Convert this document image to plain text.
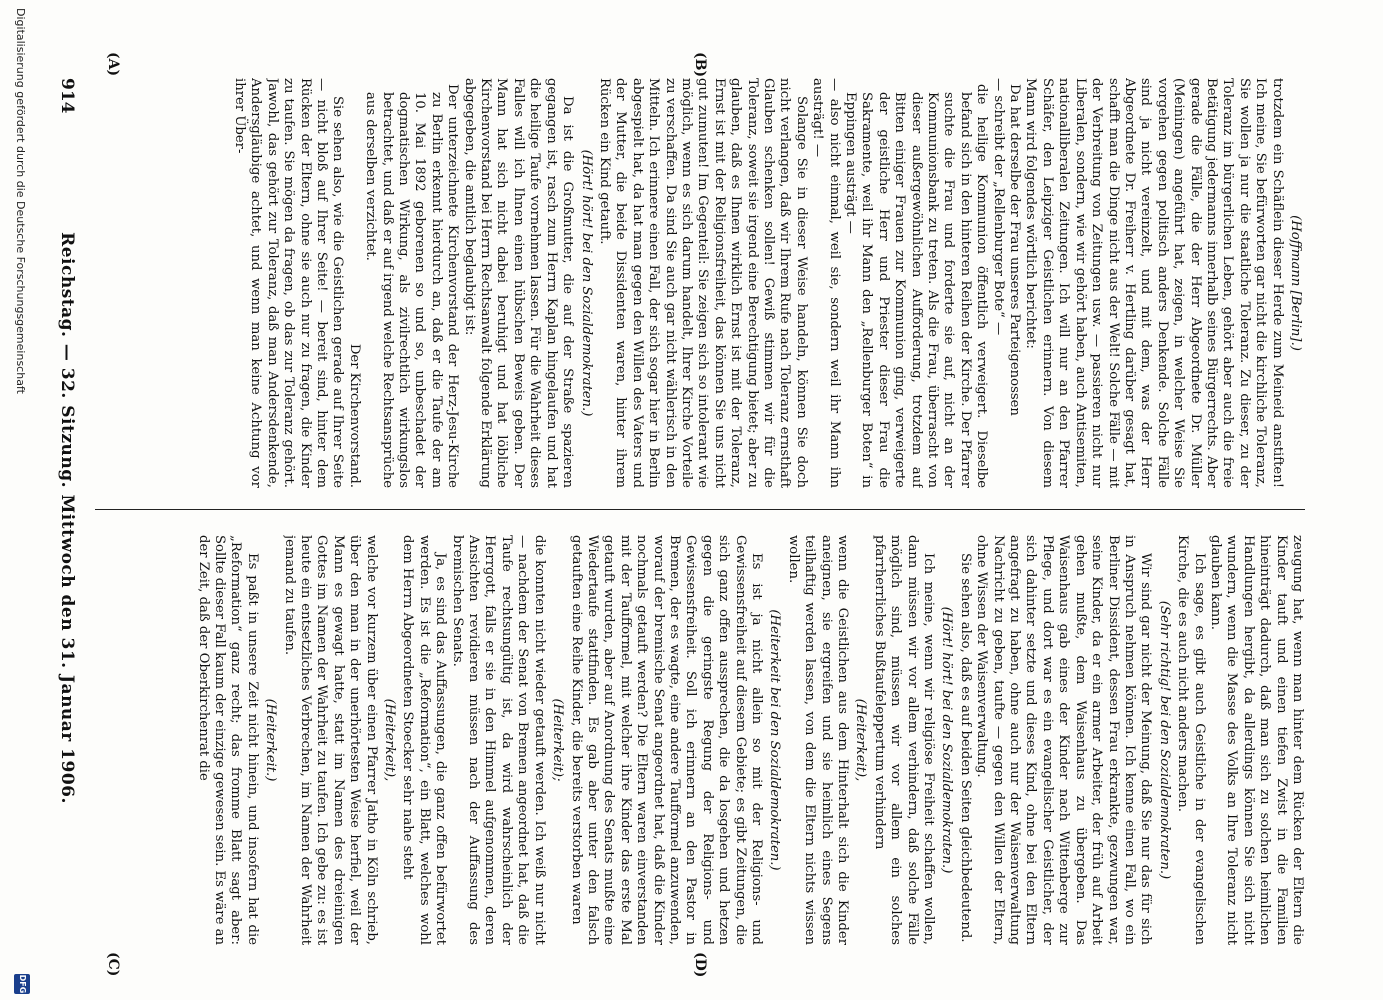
914
Reichstag. — 32. Sitzung. Mittwoch den 31. Januar 1906.
(A)	(B)
(C)	(D)

(Hoffmann [Berlin].)

trotzdem ein Schäflein dieser Herde zum Meineid anstiften! Ich meine, Sie befürworten gar nicht die kirchliche Toleranz, Sie wollen ja nur die staatliche Toleranz. Zu dieser, zu der Toleranz im bürgerlichen Leben, gehört aber auch die freie Betätigung jedermanns innerhalb seines Bürgerrechts. Aber gerade die Fälle, die der Herr Abgeordnete Dr. Müller (Meiningen) angeführt hat, zeigen, in welcher Weise Sie vorgehen gegen politisch anders Denkende. Solche Fälle sind ja nicht vereinzelt, und mit dem, was der Herr Abgeordnete Dr. Freiherr v. Hertling darüber gesagt hat, schafft man die Dinge nicht aus der Welt! Solche Fälle — mit der Verbreitung von Zeitungen usw. — passieren nicht nur Liberalen, sondern, wie wir gehört haben, auch Antisemiten, nationalliberalen Zeitungen. Ich will nur an den Pfarrer Schäfer, den Leipziger Geistlichen erinnern. Von diesem Mann wird folgendes wörtlich berichtet:

Da hat derselbe der Frau unseres Parteigenossen

— schreibt der „Rellenburger Bote“ —

die heilige Kommunion öffentlich verweigert. Dieselbe befand sich in den hinteren Reihen der Kirche. Der Pfarrer suchte die Frau und forderte sie auf, nicht an der Kommunionsbank zu treten. Als die Frau, überrascht von dieser außergewöhnlichen Aufforderung, trotzdem auf Bitten einiger Frauen zur Kommunion ging, verweigerte der geistliche Herr und Priester dieser Frau die Sakramente, weil ihr Mann den „Rellenburger Boten“ in Eppingen austrägt —

— also nicht einmal, weil sie, sondern weil ihr Mann ihn austrägt! —

Solange Sie in dieser Weise handeln, können Sie doch nicht verlangen, daß wir Ihrem Rufe nach Toleranz ernsthaft Glauben schenken sollen! Gewiß stimmen wir für die Toleranz, soweit sie irgend eine Berechtigung bietet; aber zu glauben, daß es Ihnen wirklich Ernst ist mit der Toleranz, Ernst ist mit der Religionsfreiheit, das können Sie uns nicht gut zumuten! Im Gegenteil: Sie zeigen sich so intolerant wie möglich, wenn es sich darum handelt, Ihrer Kirche Vorteile zu verschaffen. Da sind Sie auch gar nicht wählerisch in den Mitteln. Ich erinnere einen Fall, der sich sogar hier in Berlin abgespielt hat, da hat man gegen den Willen des Vaters und der Mutter, die beide Dissidenten waren, hinter ihrem Rücken ein Kind getauft.

(Hört! hört! bei den Sozialdemokraten.)

Da ist die Großmutter, die auf der Straße spazieren gegangen ist, rasch zum Herrn Kaplan hingelaufen und hat die heilige Taufe vornehmen lassen. Für die Wahrheit dieses Falles will ich Ihnen einen hübschen Beweis geben. Der Mann hat sich nicht dabei beruhigt und hat löbliche Kirchenvorstand bei Herrn Rechtsanwalt folgende Erklärung abgegeben, die amtlich beglaubigt ist:

Der unterzeichnete Kirchenvorstand der Herz-Jesu-Kirche zu Berlin erkennt hierdurch an, daß er die Taufe der am 10. Mai 1892 geborenen so und so, unbeschadet der dogmatischen Wirkung, als zivilrechtlich wirkungslos betrachtet, und daß er auf irgend welche Rechtsansprüche aus derselben verzichtet.

Der Kirchenvorstand.

Sie sehen also, wie die Geistlichen gerade auf Ihrer Seite — nicht bloß auf Ihrer Seite! — bereit sind, hinter dem Rücken der Eltern, ohne sie auch nur zu fragen, die Kinder zu taufen. Sie mögen da fragen, ob das zur Toleranz gehört. Jawohl, das gehört zur Toleranz, daß man Andersdenkende, Andersgläubige achtet, und wenn man keine Achtung vor ihrer Über-

zeugung hat, wenn man hinter dem Rücken der Eltern die Kinder tauft und einen tiefen Zwist in die Familien hineinträgt dadurch, daß man sich zu solchen heimlichen Handlungen hergibt, da allerdings können Sie sich nicht wundern, wenn die Masse des Volks an Ihre Toleranz nicht glauben kann.

Ich sage, es gibt auch Geistliche in der evangelischen Kirche, die es auch nicht anders machen.

(Sehr richtig! bei den Sozialdemokraten.)

Wir sind gar nicht der Meinung, daß Sie nur das für sich in Anspruch nehmen können. Ich kenne einen Fall, wo ein Berliner Dissident, dessen Frau erkrankte, gezwungen war, seine Kinder, da er ein armer Arbeiter, der früh auf Arbeit gehen mußte, dem Waisenhaus zu übergeben. Das Waisenhaus gab eines der Kinder nach Wittenberge zur Pflege, und dort war es ein evangelischer Geistlicher, der sich dahinter setzte und dieses Kind, ohne bei den Eltern angefragt zu haben, ohne auch nur der Waisenverwaltung Nachricht zu geben, taufte — gegen den Willen der Eltern, ohne Wissen der Waisenverwaltung.

Sie sehen also, daß es auf beiden Seiten gleichbedeutend.

(Hört! hört! bei den Sozialdemokraten.)

Ich meine, wenn wir religiöse Freiheit schaffen wollen, dann müssen wir vor allem verhindern, daß solche Fälle möglich sind, müssen wir vor allem ein solches pfarrherrliches Bußtaufeleppertum verhindern

(Heiterkeit),

wenn die Geistlichen aus dem Hinterhalt sich die Kinder aneignen, sie ergreifen und sie heimlich eines Segens teilhaftig werden lassen, von dem die Eltern nichts wissen wollen.

(Heiterkeit bei den Sozialdemokraten.)

Es ist ja nicht allein so mit der Religions- und Gewissensfreiheit auf diesem Gebiete; es gibt Zeitungen, die sich ganz offen aussprechen, die da losgehen und hetzen gegen die geringste Regung der Religions- und Gewissensfreiheit. Soll ich erinnern an den Pastor in Bremen, der es wagte, eine andere Taufformel anzuwenden, worauf der bremische Senat angeordnet hat, daß die Kinder nochmals getauft werden? Die Eltern waren einverstanden mit der Taufformel, mit welcher ihre Kinder das erste Mal getauft wurden, aber auf Anordnung des Senats mußte eine Wiedertaufe stattfinden. Es gab aber unter den falsch getauften eine Reihe Kinder, die bereits verstorben waren

(Heiterkeit);

die konnten nicht wieder getauft werden. Ich weiß nur nicht — nachdem der Senat von Bremen angeordnet hat, daß die Taufe rechtsungültig ist, da wird wahrscheinlich der Herrgott, falls er sie in den Himmel aufgenommen, deren Ansichten revidieren müssen nach der Auffassung des bremischen Senats.

Ja, es sind das Auffassungen, die ganz offen befürwortet werden. Es ist die „Reformation“, ein Blatt, welches wohl dem Herrn Abgeordneten Stoecker sehr nahe steht

(Heiterkeit),

welche vor kurzem über einen Pfarrer Jatho in Köln schrieb, über den man in der unerhörtesten Weise herfiel, weil der Mann es gewagt hatte, statt im Namen des dreieinigen Gottes im Namen der Wahrheit zu taufen. Ich gebe zu: es ist heute ein entsetzliches Verbrechen, im Namen der Wahrheit jemand zu taufen.

(Heiterkeit.)

Es paßt in unsere Zeit nicht hinein, und insofern hat die „Reformation“ ganz recht; das fromme Blatt sagt aber: Sollte dieser Fall kaum der einzige gewesen sein. Es wäre an der Zeit, daß der Oberkirchenrat die

Digitalisierung gefördert durch die Deutsche Forschungsgemeinschaft
DFG
